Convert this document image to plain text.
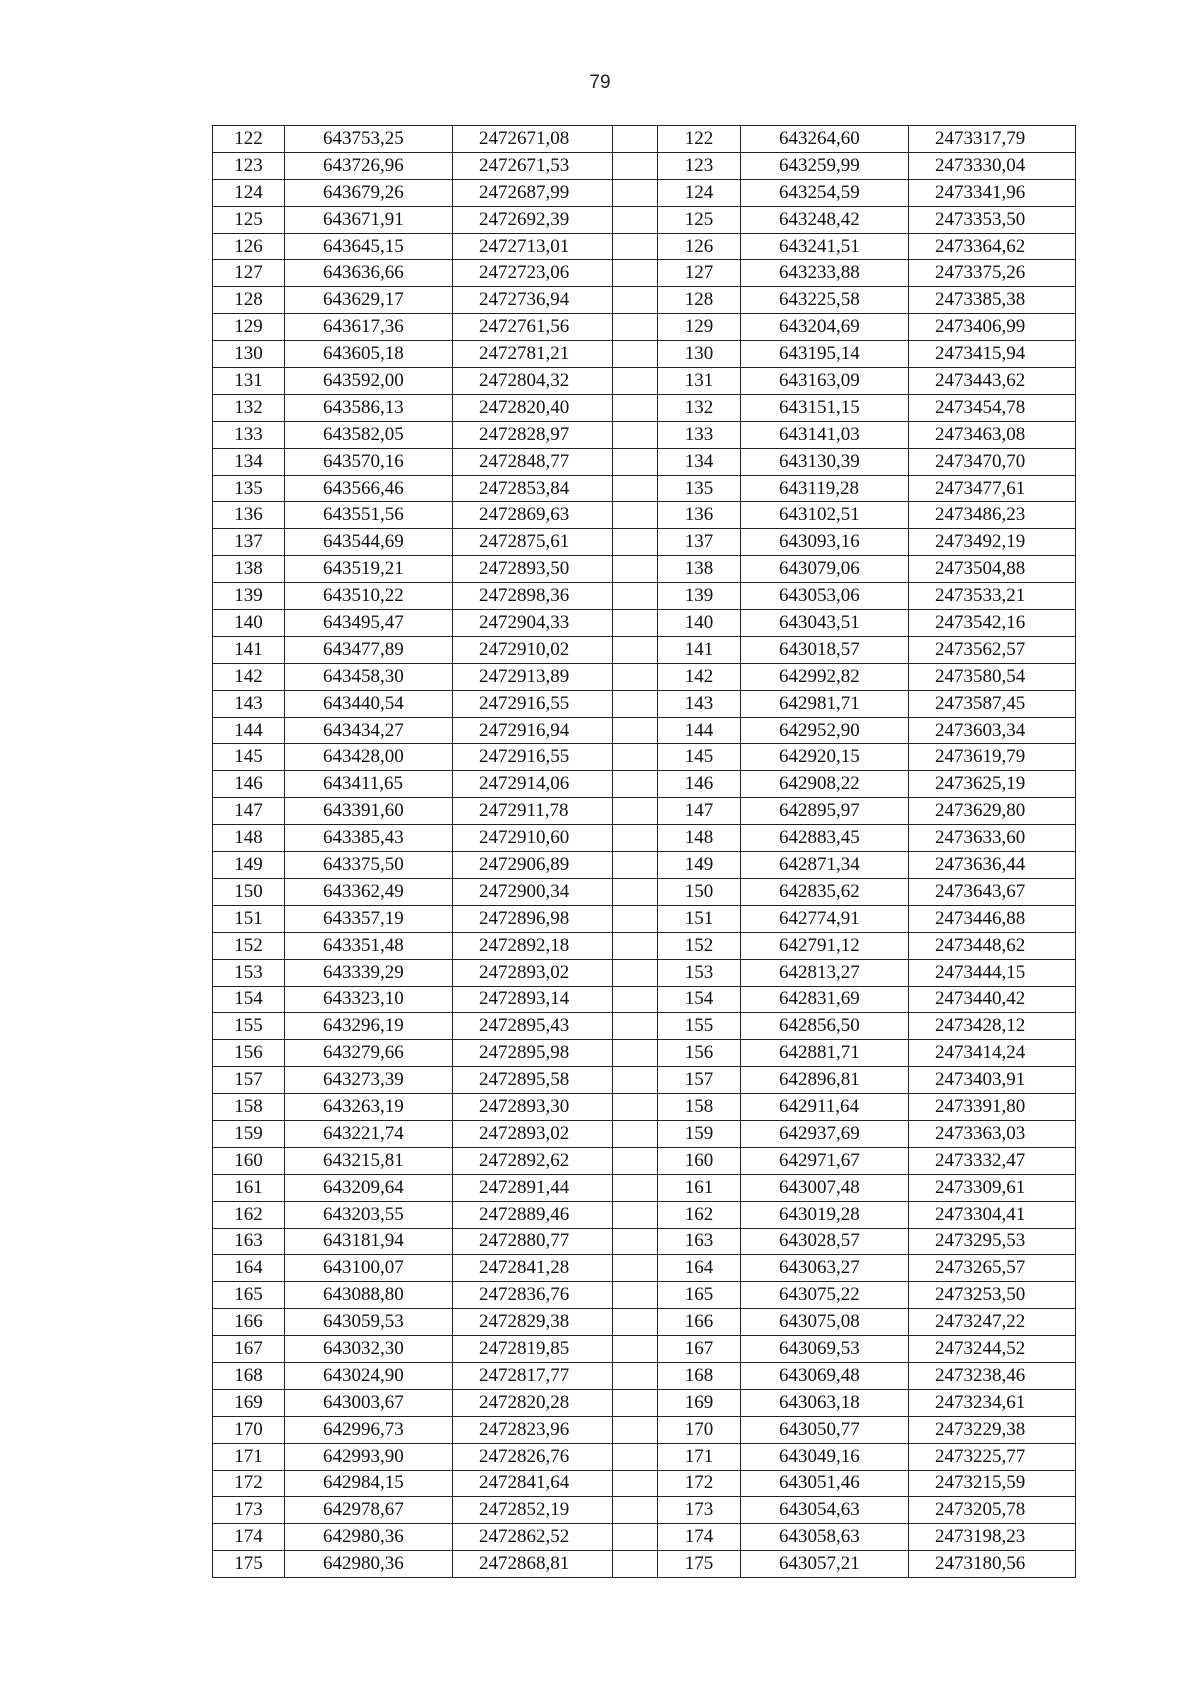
79
122	643753,25	2472671,08		122	643264,60	2473317,79
123	643726,96	2472671,53		123	643259,99	2473330,04
124	643679,26	2472687,99		124	643254,59	2473341,96
125	643671,91	2472692,39		125	643248,42	2473353,50
126	643645,15	2472713,01		126	643241,51	2473364,62
127	643636,66	2472723,06		127	643233,88	2473375,26
128	643629,17	2472736,94		128	643225,58	2473385,38
129	643617,36	2472761,56		129	643204,69	2473406,99
130	643605,18	2472781,21		130	643195,14	2473415,94
131	643592,00	2472804,32		131	643163,09	2473443,62
132	643586,13	2472820,40		132	643151,15	2473454,78
133	643582,05	2472828,97		133	643141,03	2473463,08
134	643570,16	2472848,77		134	643130,39	2473470,70
135	643566,46	2472853,84		135	643119,28	2473477,61
136	643551,56	2472869,63		136	643102,51	2473486,23
137	643544,69	2472875,61		137	643093,16	2473492,19
138	643519,21	2472893,50		138	643079,06	2473504,88
139	643510,22	2472898,36		139	643053,06	2473533,21
140	643495,47	2472904,33		140	643043,51	2473542,16
141	643477,89	2472910,02		141	643018,57	2473562,57
142	643458,30	2472913,89		142	642992,82	2473580,54
143	643440,54	2472916,55		143	642981,71	2473587,45
144	643434,27	2472916,94		144	642952,90	2473603,34
145	643428,00	2472916,55		145	642920,15	2473619,79
146	643411,65	2472914,06		146	642908,22	2473625,19
147	643391,60	2472911,78		147	642895,97	2473629,80
148	643385,43	2472910,60		148	642883,45	2473633,60
149	643375,50	2472906,89		149	642871,34	2473636,44
150	643362,49	2472900,34		150	642835,62	2473643,67
151	643357,19	2472896,98		151	642774,91	2473446,88
152	643351,48	2472892,18		152	642791,12	2473448,62
153	643339,29	2472893,02		153	642813,27	2473444,15
154	643323,10	2472893,14		154	642831,69	2473440,42
155	643296,19	2472895,43		155	642856,50	2473428,12
156	643279,66	2472895,98		156	642881,71	2473414,24
157	643273,39	2472895,58		157	642896,81	2473403,91
158	643263,19	2472893,30		158	642911,64	2473391,80
159	643221,74	2472893,02		159	642937,69	2473363,03
160	643215,81	2472892,62		160	642971,67	2473332,47
161	643209,64	2472891,44		161	643007,48	2473309,61
162	643203,55	2472889,46		162	643019,28	2473304,41
163	643181,94	2472880,77		163	643028,57	2473295,53
164	643100,07	2472841,28		164	643063,27	2473265,57
165	643088,80	2472836,76		165	643075,22	2473253,50
166	643059,53	2472829,38		166	643075,08	2473247,22
167	643032,30	2472819,85		167	643069,53	2473244,52
168	643024,90	2472817,77		168	643069,48	2473238,46
169	643003,67	2472820,28		169	643063,18	2473234,61
170	642996,73	2472823,96		170	643050,77	2473229,38
171	642993,90	2472826,76		171	643049,16	2473225,77
172	642984,15	2472841,64		172	643051,46	2473215,59
173	642978,67	2472852,19		173	643054,63	2473205,78
174	642980,36	2472862,52		174	643058,63	2473198,23
175	642980,36	2472868,81		175	643057,21	2473180,56
